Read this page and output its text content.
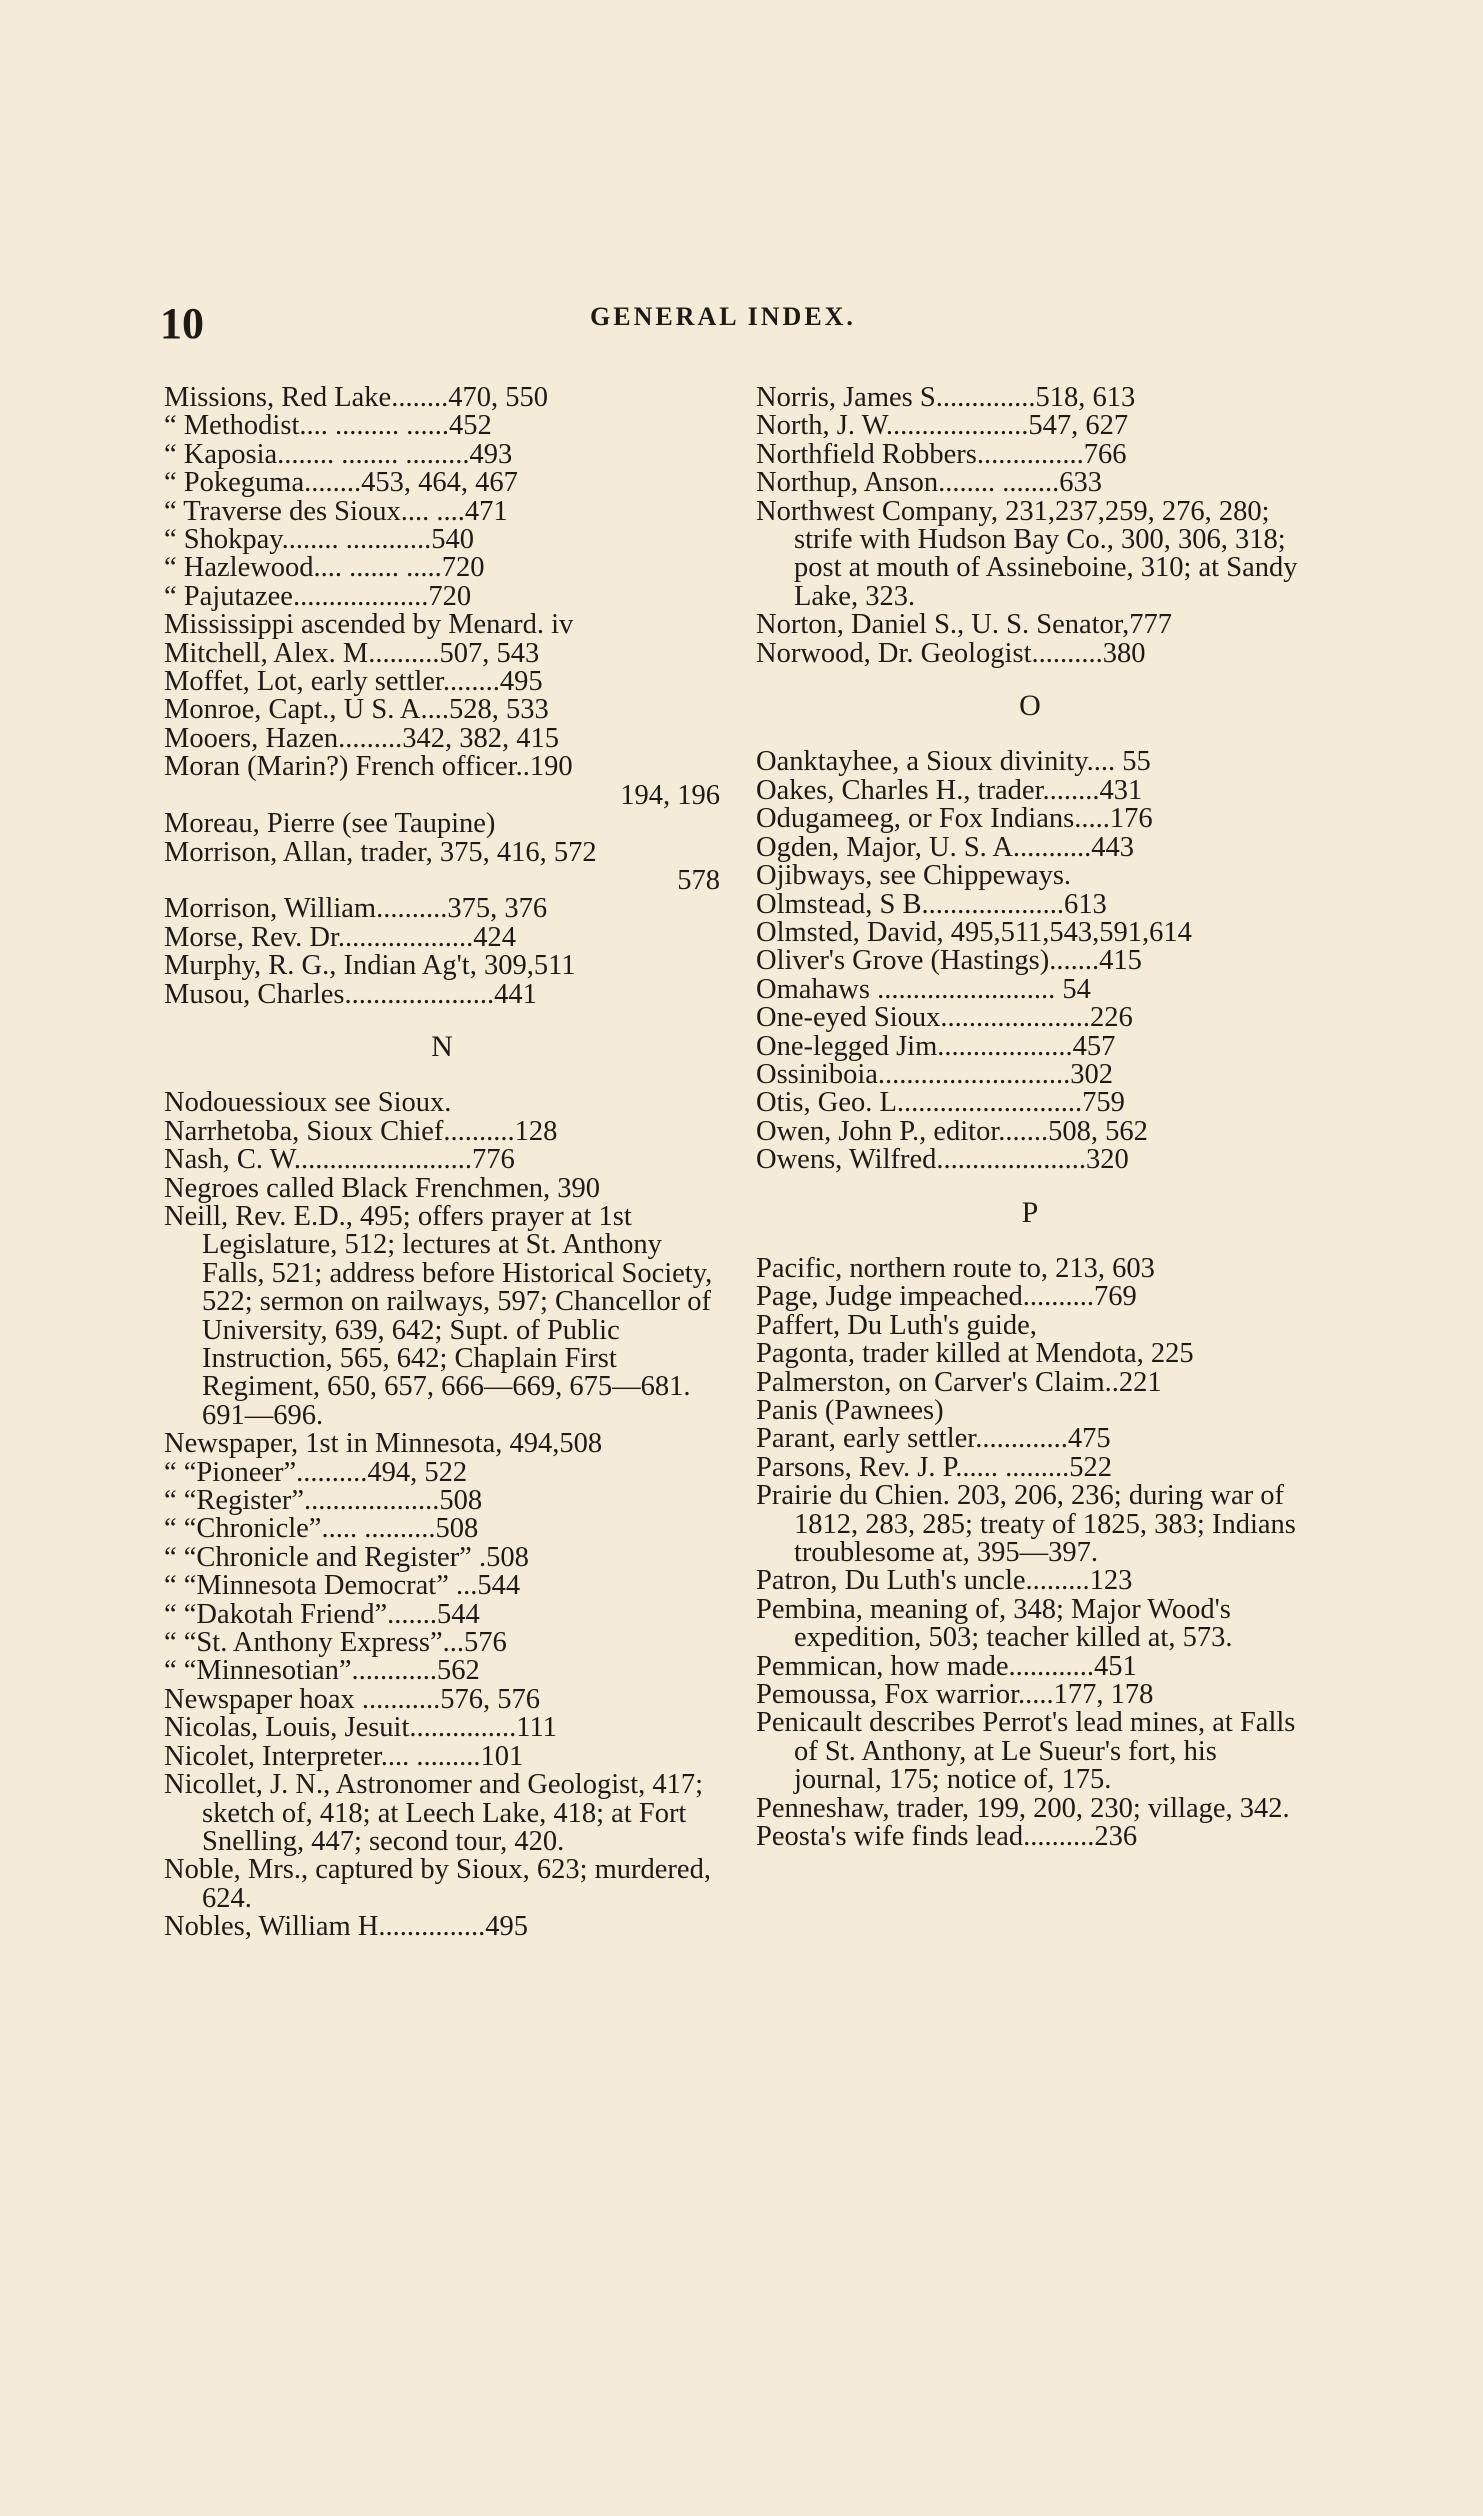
10	GENERAL INDEX.
Missions, Red Lake........470, 550
“ Methodist.... ......... ......452
“ Kaposia........ ........ .........493
“ Pokeguma........453, 464, 467
“ Traverse des Sioux.... ....471
“ Shokpay........ ............540
“ Hazlewood.... ....... .....720
“ Pajutazee...................720
Mississippi ascended by Menard. iv
Mitchell, Alex. M..........507, 543
Moffet, Lot, early settler........495
Monroe, Capt., U S. A....528, 533
Mooers, Hazen.........342, 382, 415
Moran (Marin?) French officer..190
194, 196
Moreau, Pierre (see Taupine)
Morrison, Allan, trader, 375, 416, 572
578
Morrison, William..........375, 376
Morse, Rev. Dr...................424
Murphy, R. G., Indian Ag't, 309,511
Musou, Charles.....................441
N
Nodouessioux see Sioux.
Narrhetoba, Sioux Chief..........128
Nash, C. W.........................776
Negroes called Black Frenchmen, 390
Neill, Rev. E.D., 495; offers prayer at 1st Legislature, 512; lectures at St. Anthony Falls, 521; address before Historical Society, 522; sermon on railways, 597; Chancellor of University, 639, 642; Supt. of Public Instruction, 565, 642; Chaplain First Regiment, 650, 657, 666—669, 675—681. 691—696.
Newspaper, 1st in Minnesota, 494,508
“ “Pioneer”..........494, 522
“ “Register”...................508
“ “Chronicle”..... ..........508
“ “Chronicle and Register” .508
“ “Minnesota Democrat” ...544
“ “Dakotah Friend”.......544
“ “St. Anthony Express”...576
“ “Minnesotian”............562
Newspaper hoax ...........576, 576
Nicolas, Louis, Jesuit...............111
Nicolet, Interpreter.... .........101
Nicollet, J. N., Astronomer and Geologist, 417; sketch of, 418; at Leech Lake, 418; at Fort Snelling, 447; second tour, 420.
Noble, Mrs., captured by Sioux, 623; murdered, 624.
Nobles, William H...............495
Norris, James S..............518, 613
North, J. W....................547, 627
Northfield Robbers...............766
Northup, Anson........ ........633
Northwest Company, 231,237,259, 276, 280; strife with Hudson Bay Co., 300, 306, 318; post at mouth of Assineboine, 310; at Sandy Lake, 323.
Norton, Daniel S., U. S. Senator,777
Norwood, Dr. Geologist..........380
O
Oanktayhee, a Sioux divinity.... 55
Oakes, Charles H., trader........431
Odugameeg, or Fox Indians.....176
Ogden, Major, U. S. A...........443
Ojibways, see Chippeways.
Olmstead, S B....................613
Olmsted, David, 495,511,543,591,614
Oliver's Grove (Hastings).......415
Omahaws ......................... 54
One-eyed Sioux.....................226
One-legged Jim...................457
Ossiniboia...........................302
Otis, Geo. L..........................759
Owen, John P., editor.......508, 562
Owens, Wilfred.....................320
P
Pacific, northern route to, 213, 603
Page, Judge impeached..........769
Paffert, Du Luth's guide,
Pagonta, trader killed at Mendota, 225
Palmerston, on Carver's Claim..221
Panis (Pawnees)
Parant, early settler.............475
Parsons, Rev. J. P...... .........522
Prairie du Chien. 203, 206, 236; during war of 1812, 283, 285; treaty of 1825, 383; Indians troublesome at, 395—397.
Patron, Du Luth's uncle.........123
Pembina, meaning of, 348; Major Wood's expedition, 503; teacher killed at, 573.
Pemmican, how made............451
Pemoussa, Fox warrior.....177, 178
Penicault describes Perrot's lead mines, at Falls of St. Anthony, at Le Sueur's fort, his journal, 175; notice of, 175.
Penneshaw, trader, 199, 200, 230; village, 342.
Peosta's wife finds lead..........236
